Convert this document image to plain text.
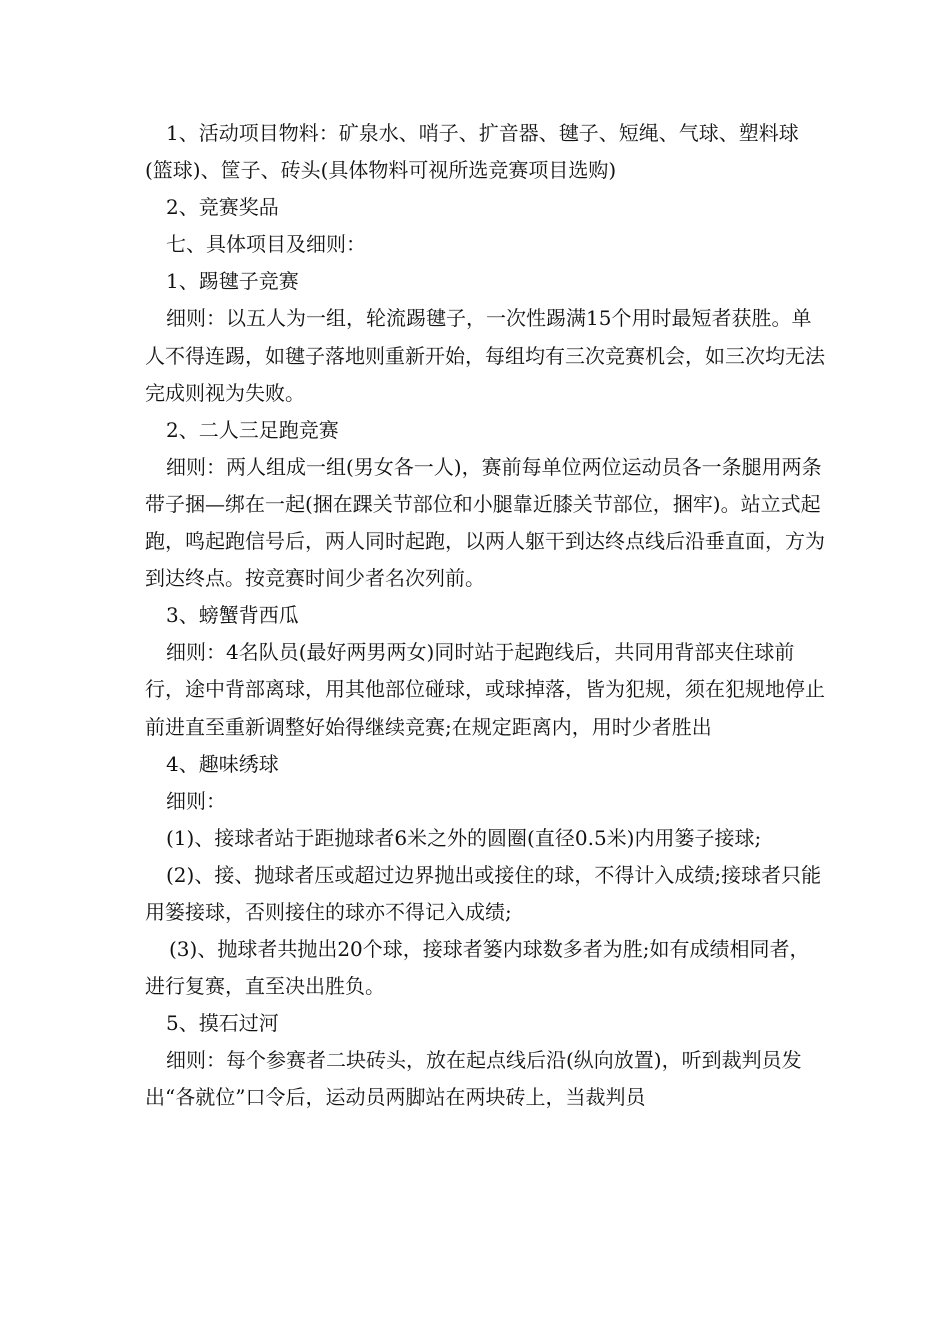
1、活动项目物料：矿泉水、哨子、扩音器、毽子、短绳、气球、塑料球(篮球)、筐子、砖头(具体物料可视所选竞赛项目选购)

2、竞赛奖品

七、具体项目及细则：

1、踢毽子竞赛

细则：以五人为一组，轮流踢毽子，一次性踢满15个用时最短者获胜。单人不得连踢，如毽子落地则重新开始，每组均有三次竞赛机会，如三次均无法完成则视为失败。

2、二人三足跑竞赛

细则：两人组成一组(男女各一人)，赛前每单位两位运动员各一条腿用两条带子捆—绑在一起(捆在踝关节部位和小腿靠近膝关节部位，捆牢)。站立式起跑，鸣起跑信号后，两人同时起跑，以两人躯干到达终点线后沿垂直面，方为到达终点。按竞赛时间少者名次列前。

3、螃蟹背西瓜

细则：4名队员(最好两男两女)同时站于起跑线后，共同用背部夹住球前行，途中背部离球，用其他部位碰球，或球掉落，皆为犯规，须在犯规地停止前进直至重新调整好始得继续竞赛;在规定距离内，用时少者胜出

4、趣味绣球

细则：

(1)、接球者站于距抛球者6米之外的圆圈(直径0.5米)内用篓子接球;

(2)、接、抛球者压或超过边界抛出或接住的球，不得计入成绩;接球者只能用篓接球，否则接住的球亦不得记入成绩;

(3)、抛球者共抛出20个球，接球者篓内球数多者为胜;如有成绩相同者，进行复赛，直至决出胜负。

5、摸石过河

细则：每个参赛者二块砖头，放在起点线后沿(纵向放置)，听到裁判员发出“各就位”口令后，运动员两脚站在两块砖上，当裁判员
